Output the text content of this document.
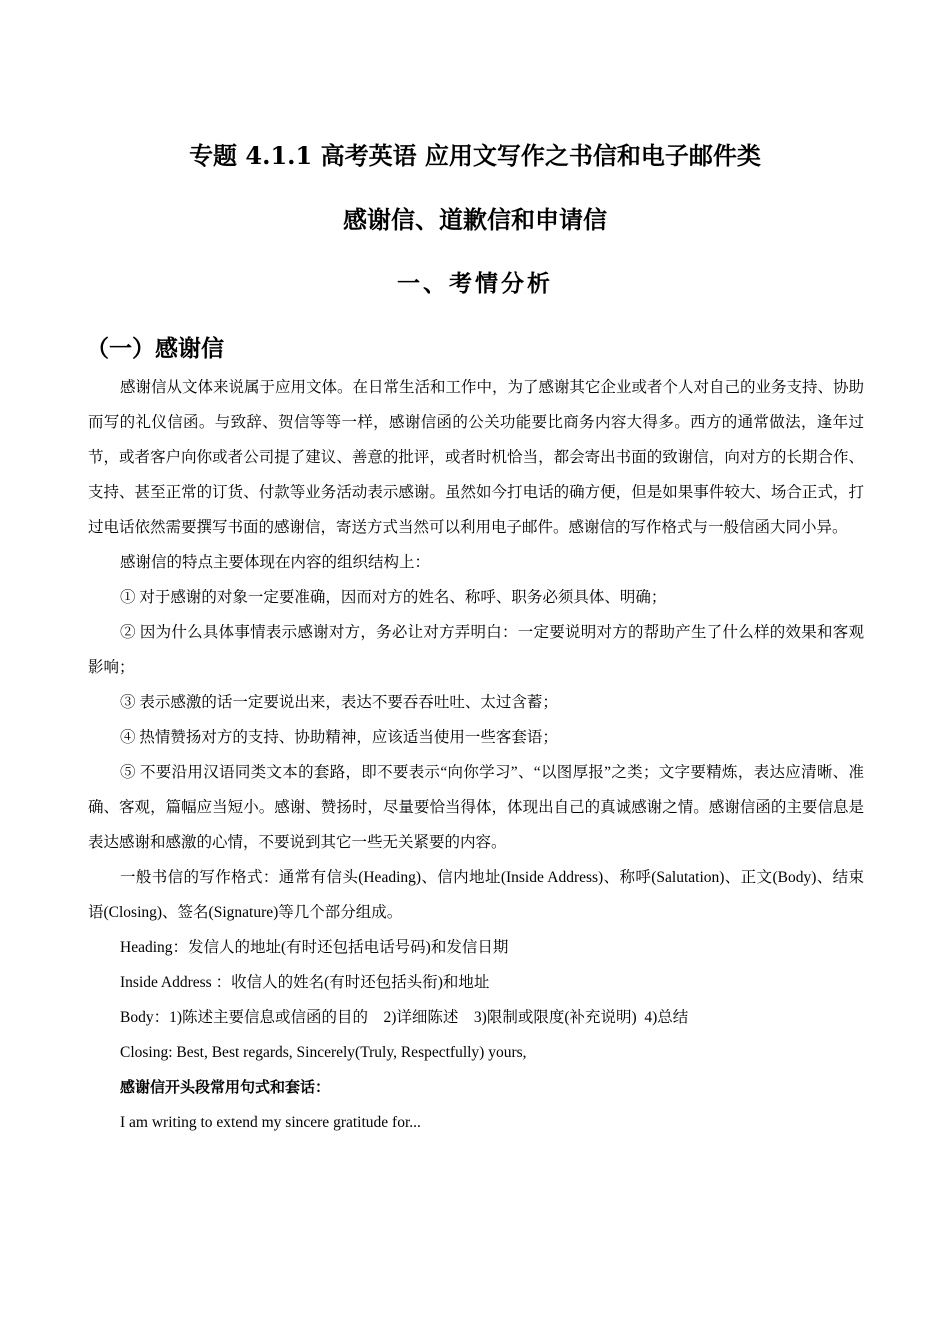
专题 4.1.1 高考英语 应用文写作之书信和电子邮件类
感谢信、道歉信和申请信
一、考情分析
（一）感谢信

感谢信从文体来说属于应用文体。在日常生活和工作中，为了感谢其它企业或者个人对自己的业务支持、协助而写的礼仪信函。与致辞、贺信等等一样，感谢信函的公关功能要比商务内容大得多。西方的通常做法，逢年过节，或者客户向你或者公司提了建议、善意的批评，或者时机恰当，都会寄出书面的致谢信，向对方的长期合作、支持、甚至正常的订货、付款等业务活动表示感谢。虽然如今打电话的确方便，但是如果事件较大、场合正式，打过电话依然需要撰写书面的感谢信，寄送方式当然可以利用电子邮件。感谢信的写作格式与一般信函大同小异。

感谢信的特点主要体现在内容的组织结构上：

① 对于感谢的对象一定要准确，因而对方的姓名、称呼、职务必须具体、明确；

② 因为什么具体事情表示感谢对方，务必让对方弄明白：一定要说明对方的帮助产生了什么样的效果和客观影响；

③ 表示感激的话一定要说出来，表达不要吞吞吐吐、太过含蓄；

④ 热情赞扬对方的支持、协助精神，应该适当使用一些客套语；

⑤ 不要沿用汉语同类文本的套路，即不要表示“向你学习”、“以图厚报”之类；文字要精炼，表达应清晰、准确、客观，篇幅应当短小。感谢、赞扬时，尽量要恰当得体，体现出自己的真诚感谢之情。感谢信函的主要信息是表达感谢和感激的心情，不要说到其它一些无关紧要的内容。

一般书信的写作格式：通常有信头(Heading)、信内地址(Inside Address)、称呼(Salutation)、正文(Body)、结束语(Closing)、签名(Signature)等几个部分组成。

Heading：发信人的地址(有时还包括电话号码)和发信日期

Inside Address ：收信人的姓名(有时还包括头衔)和地址

Body：1)陈述主要信息或信函的目的    2)详细陈述    3)限制或限度(补充说明)  4)总结

Closing: Best, Best regards, Sincerely(Truly, Respectfully) yours,

感谢信开头段常用句式和套话：

I am writing to extend my sincere gratitude for...
